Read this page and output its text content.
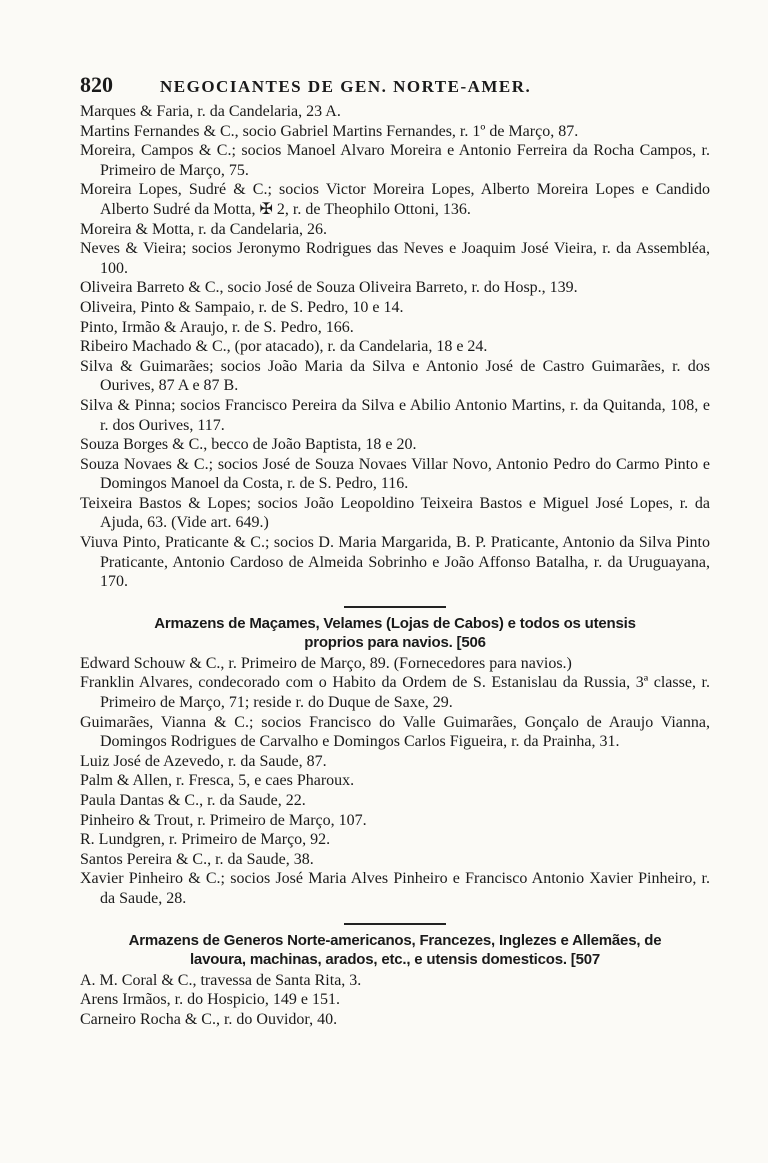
820	NEGOCIANTES DE GEN. NORTE-AMER.
Marques & Faria, r. da Candelaria, 23 A.
Martins Fernandes & C., socio Gabriel Martins Fernandes, r. 1º de Março, 87.
Moreira, Campos & C.; socios Manoel Alvaro Moreira e Antonio Ferreira da Rocha Campos, r. Primeiro de Março, 75.
Moreira Lopes, Sudré & C.; socios Victor Moreira Lopes, Alberto Moreira Lopes e Candido Alberto Sudré da Motta, ✠ 2, r. de Theophilo Ottoni, 136.
Moreira & Motta, r. da Candelaria, 26.
Neves & Vieira; socios Jeronymo Rodrigues das Neves e Joaquim José Vieira, r. da Assembléa, 100.
Oliveira Barreto & C., socio José de Souza Oliveira Barreto, r. do Hosp., 139.
Oliveira, Pinto & Sampaio, r. de S. Pedro, 10 e 14.
Pinto, Irmão & Araujo, r. de S. Pedro, 166.
Ribeiro Machado & C., (por atacado), r. da Candelaria, 18 e 24.
Silva & Guimarães; socios João Maria da Silva e Antonio José de Castro Guimarães, r. dos Ourives, 87 A e 87 B.
Silva & Pinna; socios Francisco Pereira da Silva e Abilio Antonio Martins, r. da Quitanda, 108, e r. dos Ourives, 117.
Souza Borges & C., becco de João Baptista, 18 e 20.
Souza Novaes & C.; socios José de Souza Novaes Villar Novo, Antonio Pedro do Carmo Pinto e Domingos Manoel da Costa, r. de S. Pedro, 116.
Teixeira Bastos & Lopes; socios João Leopoldino Teixeira Bastos e Miguel José Lopes, r. da Ajuda, 63. (Vide art. 649.)
Viuva Pinto, Praticante & C.; socios D. Maria Margarida, B. P. Praticante, Antonio da Silva Pinto Praticante, Antonio Cardoso de Almeida Sobrinho e João Affonso Batalha, r. da Uruguayana, 170.
Armazens de Maçames, Velames (Lojas de Cabos) e todos os utensis
proprios para navios. [506
Edward Schouw & C., r. Primeiro de Março, 89. (Fornecedores para navios.)
Franklin Alvares, condecorado com o Habito da Ordem de S. Estanislau da Russia, 3ª classe, r. Primeiro de Março, 71; reside r. do Duque de Saxe, 29.
Guimarães, Vianna & C.; socios Francisco do Valle Guimarães, Gonçalo de Araujo Vianna, Domingos Rodrigues de Carvalho e Domingos Carlos Figueira, r. da Prainha, 31.
Luiz José de Azevedo, r. da Saude, 87.
Palm & Allen, r. Fresca, 5, e caes Pharoux.
Paula Dantas & C., r. da Saude, 22.
Pinheiro & Trout, r. Primeiro de Março, 107.
R. Lundgren, r. Primeiro de Março, 92.
Santos Pereira & C., r. da Saude, 38.
Xavier Pinheiro & C.; socios José Maria Alves Pinheiro e Francisco Antonio Xavier Pinheiro, r. da Saude, 28.
Armazens de Generos Norte-americanos, Francezes, Inglezes e Allemães, de
lavoura, machinas, arados, etc., e utensis domesticos. [507
A. M. Coral & C., travessa de Santa Rita, 3.
Arens Irmãos, r. do Hospicio, 149 e 151.
Carneiro Rocha & C., r. do Ouvidor, 40.
